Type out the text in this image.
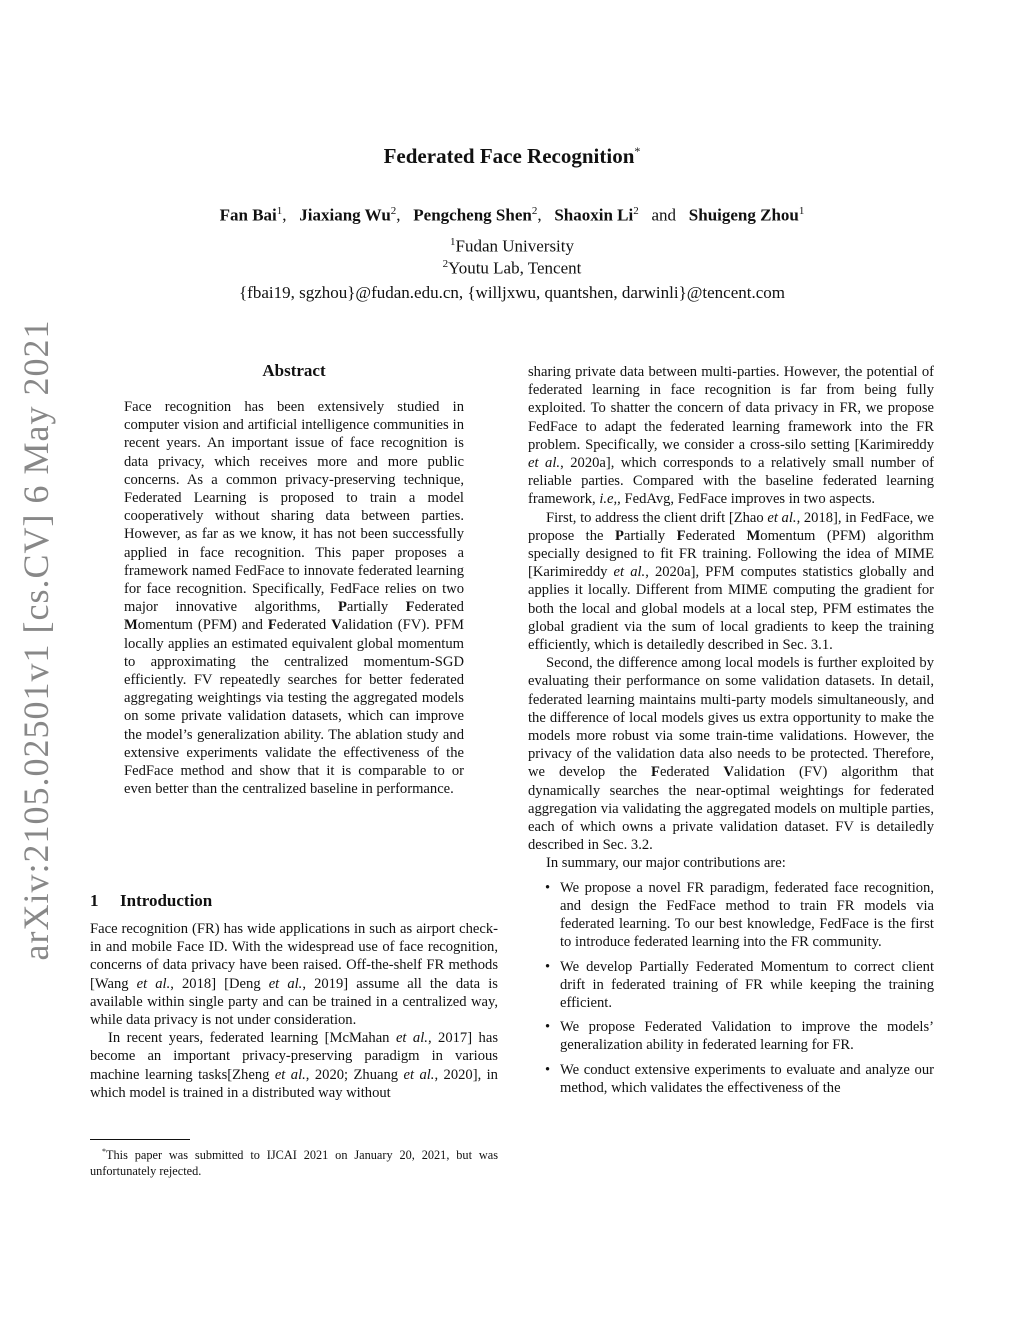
arXiv:2105.02501v1 [cs.CV] 6 May 2021
Federated Face Recognition*
Fan Bai$^1$, Jiaxiang Wu$^2$, Pengcheng Shen$^2$, Shaoxin Li$^2$ and Shuigeng Zhou$^1$
$^1$Fudan University
$^2$Youtu Lab, Tencent
{fbai19, sgzhou}@fudan.edu.cn, {willjxwu, quantshen, darwinli}@tencent.com
Abstract
Face recognition has been extensively studied in computer vision and artificial intelligence communities in recent years. An important issue of face recognition is data privacy, which receives more and more public concerns. As a common privacy-preserving technique, Federated Learning is proposed to train a model cooperatively without sharing data between parties. However, as far as we know, it has not been successfully applied in face recognition. This paper proposes a framework named FedFace to innovate federated learning for face recognition. Specifically, FedFace relies on two major innovative algorithms, Partially Federated Momentum (PFM) and Federated Validation (FV). PFM locally applies an estimated equivalent global momentum to approximating the centralized momentum-SGD efficiently. FV repeatedly searches for better federated aggregating weightings via testing the aggregated models on some private validation datasets, which can improve the model’s generalization ability. The ablation study and extensive experiments validate the effectiveness of the FedFace method and show that it is comparable to or even better than the centralized baseline in performance.
1 Introduction

Face recognition (FR) has wide applications in such as airport check-in and mobile Face ID. With the widespread use of face recognition, concerns of data privacy have been raised. Off-the-shelf FR methods [Wang et al., 2018] [Deng et al., 2019] assume all the data is available within single party and can be trained in a centralized way, while data privacy is not under consideration.

In recent years, federated learning [McMahan et al., 2017] has become an important privacy-preserving paradigm in various machine learning tasks[Zheng et al., 2020; Zhuang et al., 2020], in which model is trained in a distributed way without

*This paper was submitted to IJCAI 2021 on January 20, 2021, but was unfortunately rejected.

sharing private data between multi-parties. However, the potential of federated learning in face recognition is far from being fully exploited. To shatter the concern of data privacy in FR, we propose FedFace to adapt the federated learning framework into the FR problem. Specifically, we consider a cross-silo setting [Karimireddy et al., 2020a], which corresponds to a relatively small number of reliable parties. Compared with the baseline federated learning framework, i.e,, FedAvg, FedFace improves in two aspects.

First, to address the client drift [Zhao et al., 2018], in FedFace, we propose the Partially Federated Momentum (PFM) algorithm specially designed to fit FR training. Following the idea of MIME [Karimireddy et al., 2020a], PFM computes statistics globally and applies it locally. Different from MIME computing the gradient for both the local and global models at a local step, PFM estimates the global gradient via the sum of local gradients to keep the training efficiently, which is detailedly described in Sec. 3.1.

Second, the difference among local models is further exploited by evaluating their performance on some validation datasets. In detail, federated learning maintains multi-party models simultaneously, and the difference of local models gives us extra opportunity to make the models more robust via some train-time validations. However, the privacy of the validation data also needs to be protected. Therefore, we develop the Federated Validation (FV) algorithm that dynamically searches the near-optimal weightings for federated aggregation via validating the aggregated models on multiple parties, each of which owns a private validation dataset. FV is detailedly described in Sec. 3.2.

In summary, our major contributions are:

• We propose a novel FR paradigm, federated face recognition, and design the FedFace method to train FR models via federated learning. To our best knowledge, FedFace is the first to introduce federated learning into the FR community.
• We develop Partially Federated Momentum to correct client drift in federated training of FR while keeping the training efficient.
• We propose Federated Validation to improve the models’ generalization ability in federated learning for FR.
• We conduct extensive experiments to evaluate and analyze our method, which validates the effectiveness of the
